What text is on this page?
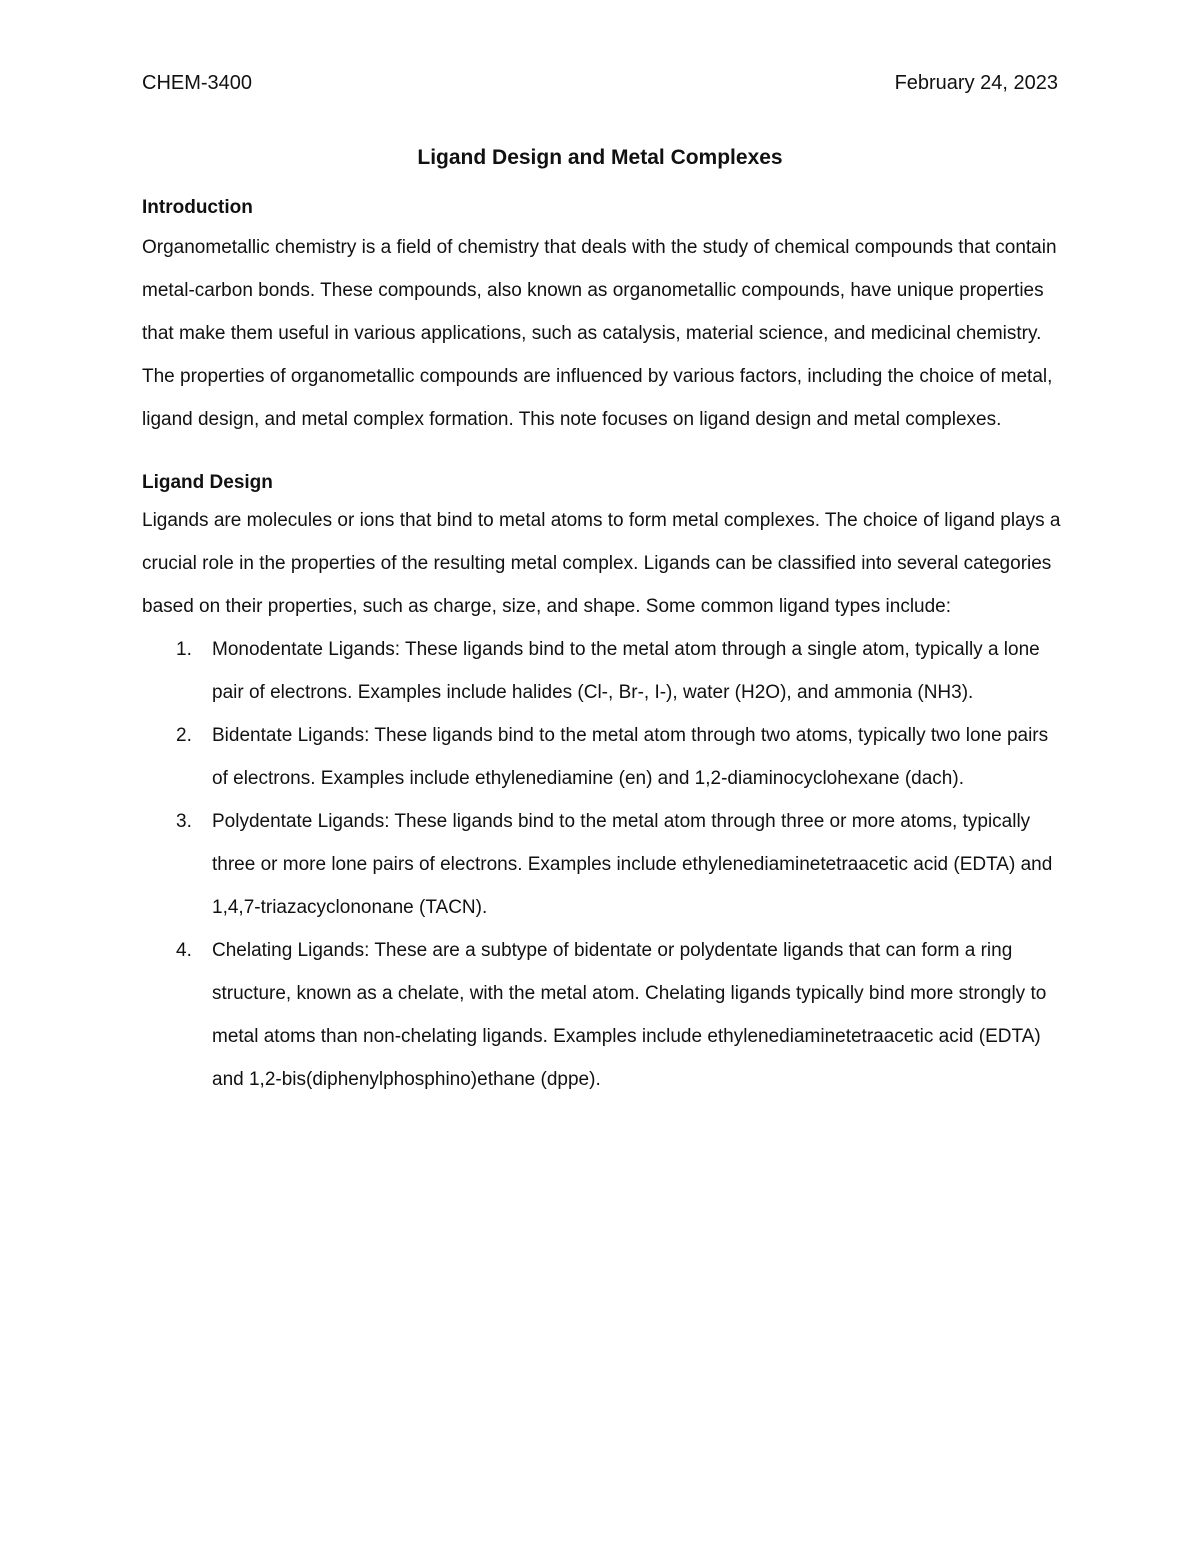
CHEM-3400	February 24, 2023
Ligand Design and Metal Complexes

Introduction

Organometallic chemistry is a field of chemistry that deals with the study of chemical compounds that contain metal-carbon bonds. These compounds, also known as organometallic compounds, have unique properties that make them useful in various applications, such as catalysis, material science, and medicinal chemistry. The properties of organometallic compounds are influenced by various factors, including the choice of metal, ligand design, and metal complex formation. This note focuses on ligand design and metal complexes.

Ligand Design

Ligands are molecules or ions that bind to metal atoms to form metal complexes. The choice of ligand plays a crucial role in the properties of the resulting metal complex. Ligands can be classified into several categories based on their properties, such as charge, size, and shape. Some common ligand types include:

1. Monodentate Ligands: These ligands bind to the metal atom through a single atom, typically a lone pair of electrons. Examples include halides (Cl-, Br-, I-), water (H2O), and ammonia (NH3).
2. Bidentate Ligands: These ligands bind to the metal atom through two atoms, typically two lone pairs of electrons. Examples include ethylenediamine (en) and 1,2-diaminocyclohexane (dach).
3. Polydentate Ligands: These ligands bind to the metal atom through three or more atoms, typically three or more lone pairs of electrons. Examples include ethylenediaminetetraacetic acid (EDTA) and 1,4,7-triazacyclononane (TACN).
4. Chelating Ligands: These are a subtype of bidentate or polydentate ligands that can form a ring structure, known as a chelate, with the metal atom. Chelating ligands typically bind more strongly to metal atoms than non-chelating ligands. Examples include ethylenediaminetetraacetic acid (EDTA) and 1,2-bis(diphenylphosphino)ethane (dppe).
